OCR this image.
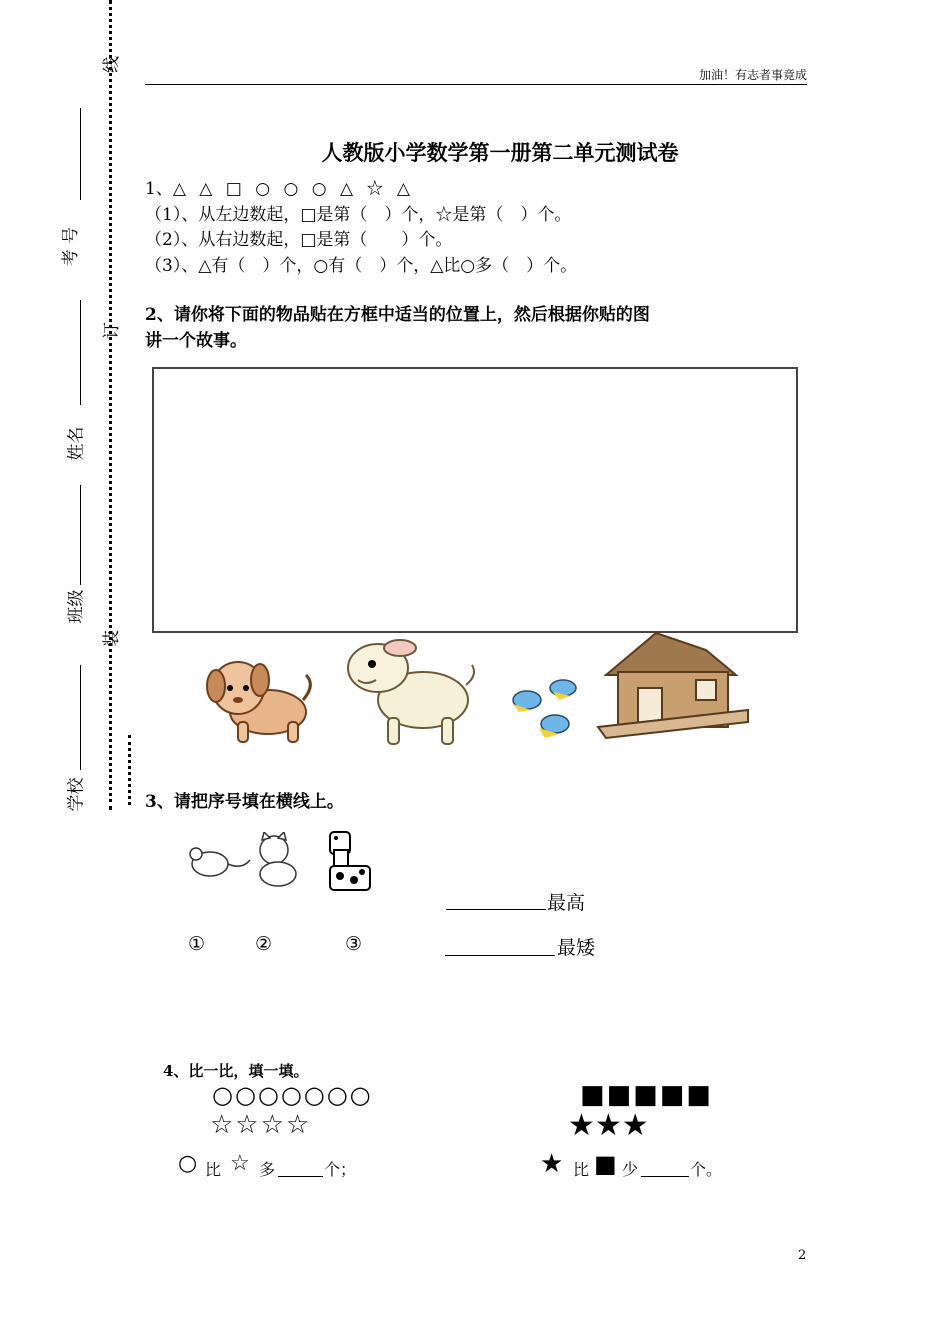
线
订
装
考 号
姓名
班级
学校
加油！有志者事竟成
人教版小学数学第一册第二单元测试卷
1、△ △ □ ○ ○ ○ △ ☆ △
（1）、从左边数起，□是第（　）个，☆是第（　）个。
（2）、从右边数起，□是第（　　）个。
（3）、△有（　）个，○有（　）个，△比○多（　）个。
2、请你将下面的物品贴在方框中适当的位置上，然后根据你贴的图
讲一个故事。
3、请把序号填在横线上。
①	②	③
最高
最矮
4、比一比，填一填。
○○○○○○○
☆☆☆☆
■■■■■
★★★
○ 比 ☆ 多	个；	★ 比 ■ 少	个。
2
